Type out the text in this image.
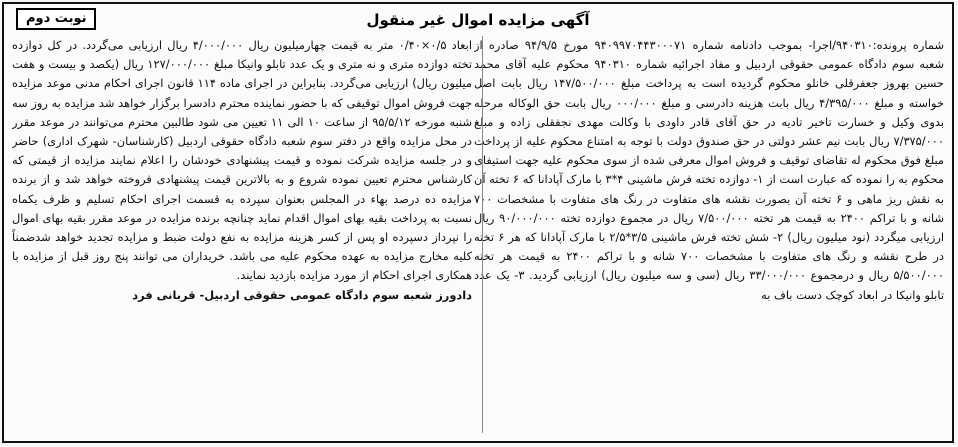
آگهی مزایده اموال غیر منقول
نوبت دوم

شماره پرونده:۹۴۰۳۱۰/اجرا- بموجب دادنامه شماره ۹۴۰۹۹۷۰۴۴۳۰۰۰۷۱ مورخ ۹۴/۹/۵ صادره از شعبه سوم دادگاه عمومی حقوقی اردبیل و مفاد اجرائیه شماره ۹۴۰۳۱۰ محکوم علیه آقای محمد حسین بهروز جعفرقلی خانلو محکوم گردیده است به پرداخت مبلغ ۱۴۷/۵۰۰/۰۰۰ ریال بابت اصل خواسته و مبلغ ۴/۳۹۵/۰۰۰ ریال بابت هزینه دادرسی و مبلغ ۰۰۰/۰۰۰ ریال بابت حق الوکاله مرحله بدوی وکیل و خسارت تاخیر تادیه در حق آقای قادر داودی با وکالت مهدی نجفقلی زاده و مبلغ ۷/۳۷۵/۰۰۰ ریال بابت نیم عشر دولتی در حق صندوق دولت با توجه به امتناع محکوم علیه از پرداخت مبلغ فوق محکوم له تقاضای توقیف و فروش اموال معرفی شده از سوی محکوم علیه جهت استیفای محکوم به را نموده که عبارت است از ۱- دوازده تخته فرش ماشینی ۴*۳ با مارک آپادانا که ۶ تخته آن به نقش ریز ماهی و ۶ تخته آن بصورت نقشه های متفاوت در رنگ های متفاوت با مشخصات ۷۰۰ شانه و با تراکم ۲۴۰۰ به قیمت هر تخته ۷/۵۰۰/۰۰۰ ریال در مجموع دوازده تخته ۹۰/۰۰۰/۰۰۰ ریال ارزیابی میگردد (نود میلیون ریال) ۲- شش تخته فرش ماشینی ۳/۵*۲/۵ با مارک آپادانا که هر ۶ تخته در طرح نقشه و رنگ های متفاوت با مشخصات ۷۰۰ شانه و با تراکم ۲۴۰۰ به قیمت هر تخته ۵/۵۰۰/۰۰۰ ریال و درمجموع ۳۳/۰۰۰/۰۰۰ ریال (سی و سه میلیون ریال) ارزیابی گردید. ۳- یک عدد تابلو وانیکا در ابعاد کوچک دست باف به

ابعاد ۰/۵×۰/۴۰ متر به قیمت چهارمیلیون ریال ۴/۰۰۰/۰۰۰ ریال ارزیابی می‌گردد. در کل دوازده تخته دوازده متری و نه متری و یک عدد تابلو وانیکا مبلغ ۱۲۷/۰۰۰/۰۰۰ ریال (یکصد و بیست و هفت میلیون ریال) ارزیابی می‌گردد. بنابراین در اجرای ماده ۱۱۴ قانون اجرای احکام مدنی موعد مزایده جهت فروش اموال توقیفی که با حضور نماینده محترم دادسرا برگزار خواهد شد مزایده به روز سه شنبه مورخه ۹۵/۵/۱۲ از ساعت ۱۰ الی ۱۱ تعیین می شود طالبین محترم می‌توانند در موعد مقرر در محل مزایده واقع در دفتر سوم شعبه دادگاه حقوقی اردبیل (کارشناسان- شهرک اداری) حاضر و در جلسه مزایده شرکت نموده و قیمت پیشنهادی خودشان را اعلام نمایند مزایده از قیمتی که کارشناس محترم تعیین نموده شروع و به بالاترین قیمت پیشنهادی فروخته خواهد شد و از برنده مزایده ده درصد بهاء در المجلس بعنوان سپرده به قسمت اجرای احکام تسلیم و ظرف یکماه نسبت به پرداخت بقیه بهای اموال اقدام نماید چنانچه برنده مزایده در موعد مقرر بقیه بهای اموال را نپرداز دسپرده او پس از کسر هزینه مزایده به نفع دولت ضبط و مزایده تجدید خواهد شدضمناً کلیه مخارج مزایده به عهده محکوم علیه می باشد. خریداران می توانند پنج روز قبل از مزایده با همکاری اجرای احکام از مورد مزایده بازدید نمایند.

دادورز شعبه سوم دادگاه عمومی حقوقی اردبیل- قربانی فرد
